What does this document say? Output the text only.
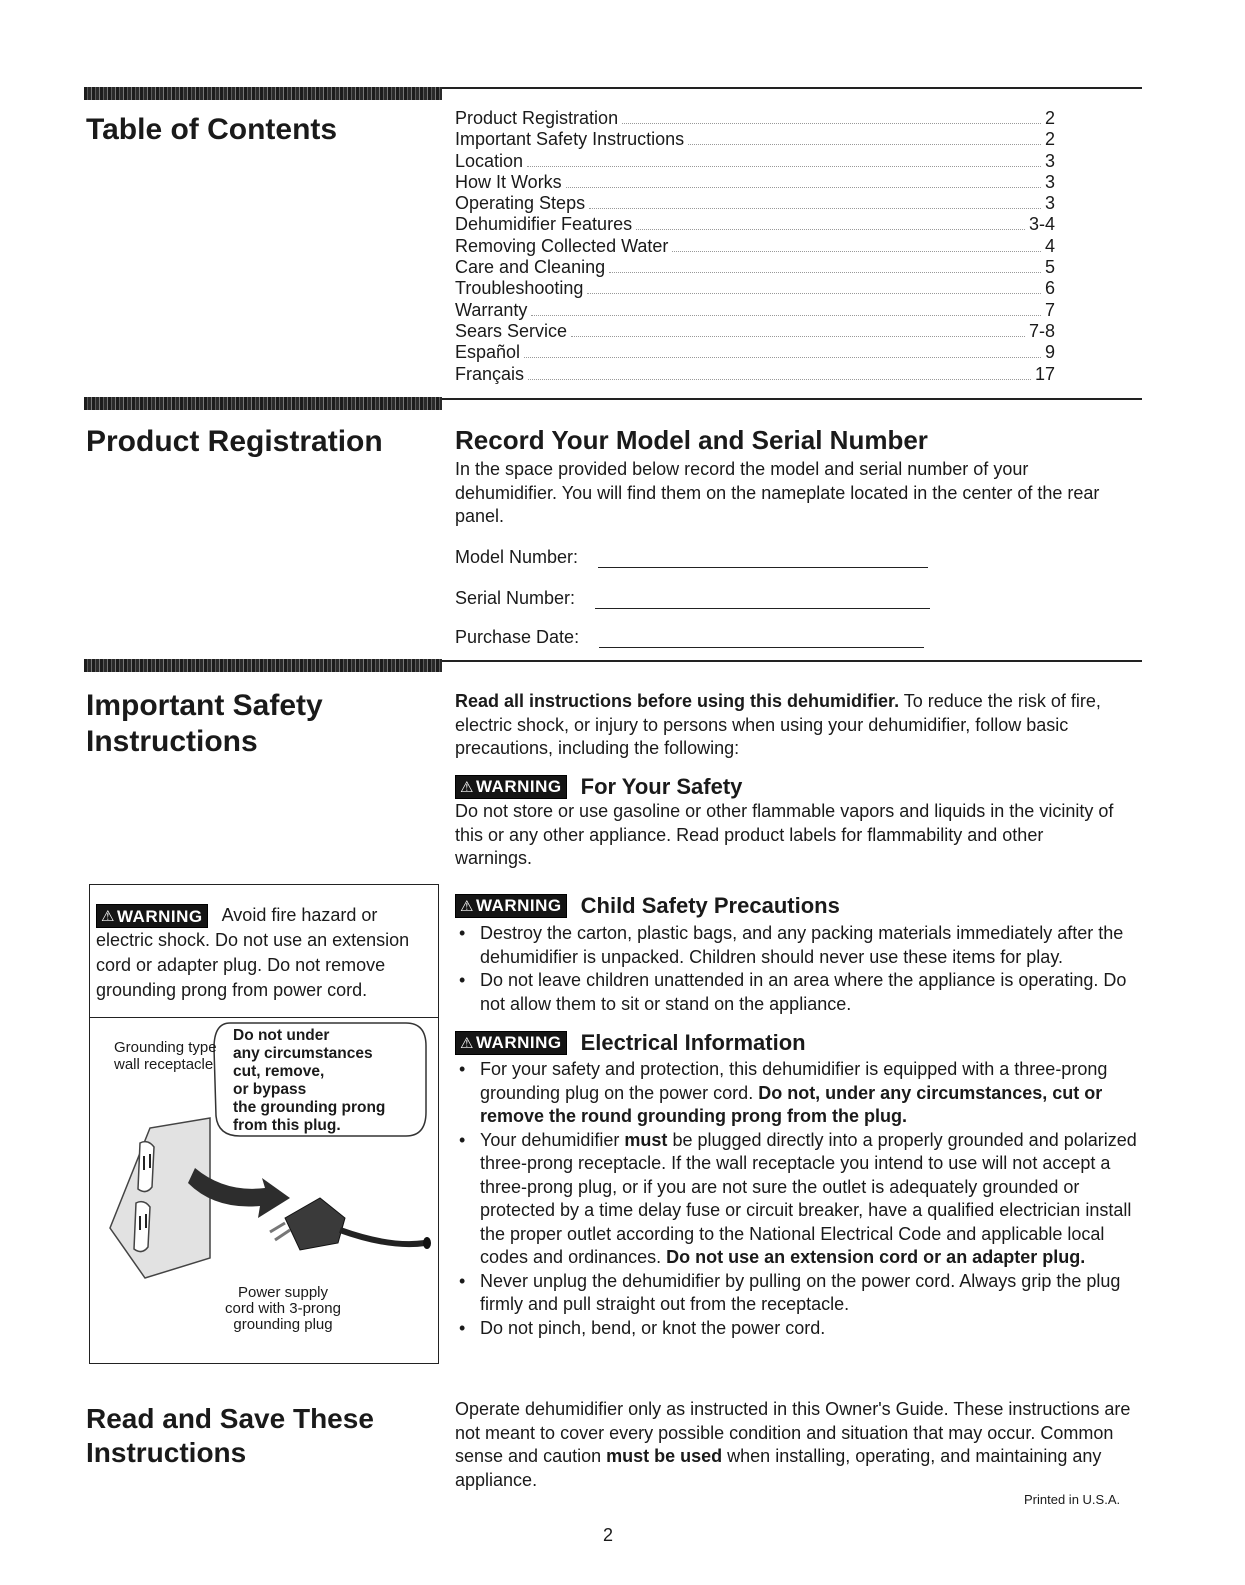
Table of Contents	Product Registration	2
Important Safety Instructions	2
Location	3
How It Works	3
Operating Steps	3
Dehumidifier Features	3-4
Removing Collected Water	4
Care and Cleaning	5
Troubleshooting	6
Warranty	7
Sears Service	7-8
Español	9
Français	17
Product Registration	Record Your Model and Serial Number

In the space provided below record the model and serial number of your dehumidifier. You will find them on the nameplate located in the center of the rear panel.

Model Number:
Serial Number:
Purchase Date:
Important Safety
Instructions

Read all instructions before using this dehumidifier. To reduce the risk of fire, electric shock, or injury to persons when using your dehumidifier, follow basic precautions, including the following:

⚠ WARNING For Your Safety

Do not store or use gasoline or other flammable vapors and liquids in the vicinity of this or any other appliance. Read product labels for flammability and other warnings.

⚠ WARNING Child Safety Precautions
• Destroy the carton, plastic bags, and any packing materials immediately after the dehumidifier is unpacked. Children should never use these items for play.
• Do not leave children unattended in an area where the appliance is operating. Do not allow them to sit or stand on the appliance.
⚠ WARNING Electrical Information
• For your safety and protection, this dehumidifier is equipped with a three-prong grounding plug on the power cord. Do not, under any circumstances, cut or remove the round grounding prong from the plug.
• Your dehumidifier must be plugged directly into a properly grounded and polarized three-prong receptacle. If the wall receptacle you intend to use will not accept a three-prong plug, or if you are not sure the outlet is adequately grounded or protected by a time delay fuse or circuit breaker, have a qualified electrician install the proper outlet according to the National Electrical Code and applicable local codes and ordinances. Do not use an extension cord or an adapter plug.
• Never unplug the dehumidifier by pulling on the power cord. Always grip the plug firmly and pull straight out from the receptacle.
• Do not pinch, bend, or knot the power cord.

Operate dehumidifier only as instructed in this Owner's Guide. These instructions are not meant to cover every possible condition and situation that may occur. Common sense and caution must be used when installing, operating, and maintaining any appliance.

⚠ WARNING Avoid fire hazard or electric shock. Do not use an extension cord or adapter plug. Do not remove grounding prong from power cord.
Grounding type
wall receptacle
Do not under
any circumstances
cut, remove,
or bypass
the grounding prong
from this plug.
Power supply
cord with 3-prong
grounding plug
Read and Save These
Instructions
Printed in U.S.A.
2
